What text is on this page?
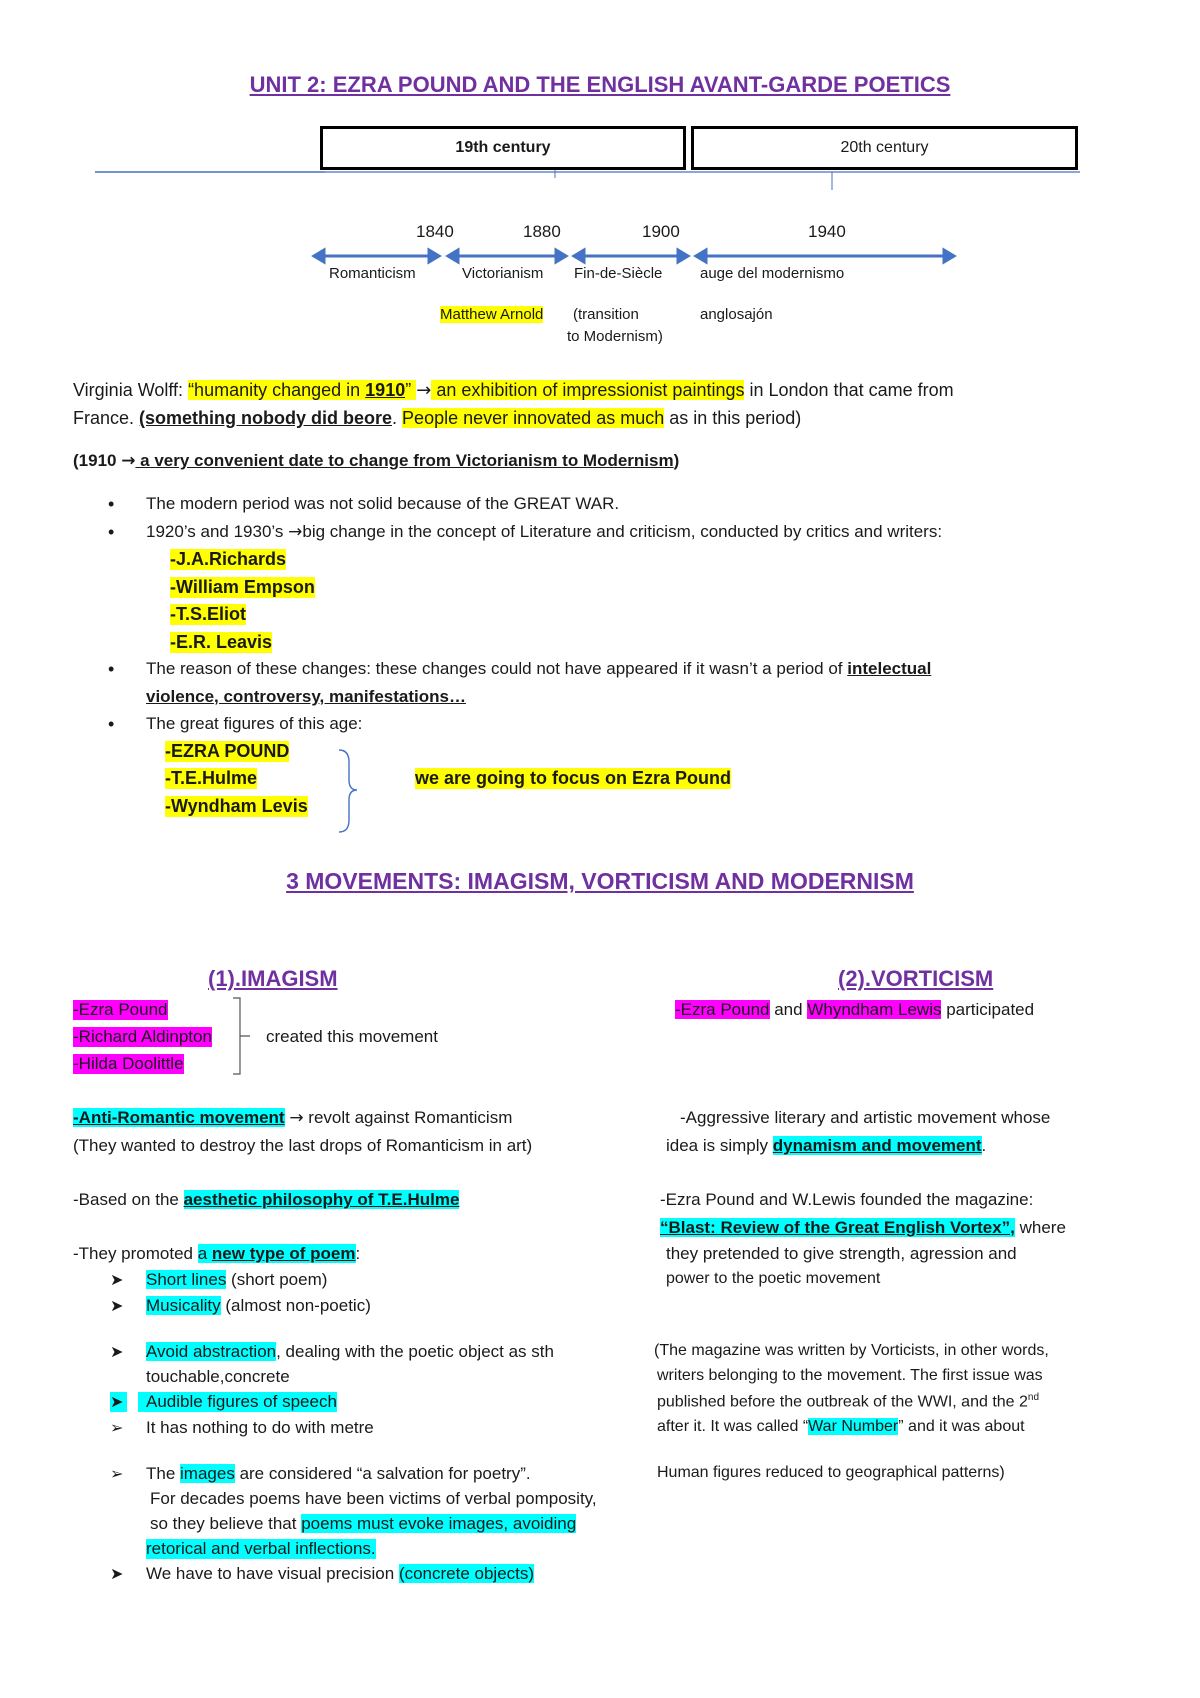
UNIT 2: EZRA POUND AND THE ENGLISH AVANT-GARDE POETICS
19th century	20th century
1840	1880	1900	1940
Romanticism	Victorianism Fin-de-Siècle	auge del modernismo
Matthew Arnold (transition
to Modernism)
anglosajón
Virginia Wolff: “humanity changed in 1910” → an exhibition of impressionist paintings in London that came from
France. (something nobody did beore. People never innovated as much as in this period)
(1910 → a very convenient date to change from Victorianism to Modernism)
• The modern period was not solid because of the GREAT WAR.
• 1920’s and 1930’s →big change in the concept of Literature and criticism, conducted by critics and writers:
-J.A.Richards
-William Empson
-T.S.Eliot
-E.R. Leavis
• The reason of these changes: these changes could not have appeared if it wasn’t a period of intelectual
violence, controversy, manifestations…
• The great figures of this age:
-EZRA POUND
-T.E.Hulme
-Wyndham Levis
we are going to focus on Ezra Pound
3 MOVEMENTS: IMAGISM, VORTICISM AND MODERNISM
(1).IMAGISM
-Ezra Pound
-Richard Aldinpton
-Hilda Doolittle
created this movement
-Anti-Romantic movement → revolt against Romanticism
(They wanted to destroy the last drops of Romanticism in art)
-Based on the aesthetic philosophy of T.E.Hulme
-They promoted a new type of poem:
➤ Short lines (short poem)
➤ Musicality (almost non-poetic)
➤ Avoid abstraction, dealing with the poetic object as sth
touchable,concrete
➤	Audible figures of speech
➢ It has nothing to do with metre
➢ The images are considered “a salvation for poetry”.
For decades poems have been victims of verbal pomposity,
so they believe that poems must evoke images, avoiding
retorical and verbal inflections.
➤ We have to have visual precision (concrete objects)
(2).VORTICISM
-Ezra Pound and Whyndham Lewis participated
-Aggressive literary and artistic movement whose
idea is simply dynamism and movement.
-Ezra Pound and W.Lewis founded the magazine:
“Blast: Review of the Great English Vortex”, where
they pretended to give strength, agression and
power to the poetic movement
(The magazine was written by Vorticists, in other words,
writers belonging to the movement. The first issue was
published before the outbreak of the WWI, and the 2nd
after it. It was called “War Number” and it was about
Human figures reduced to geographical patterns)
